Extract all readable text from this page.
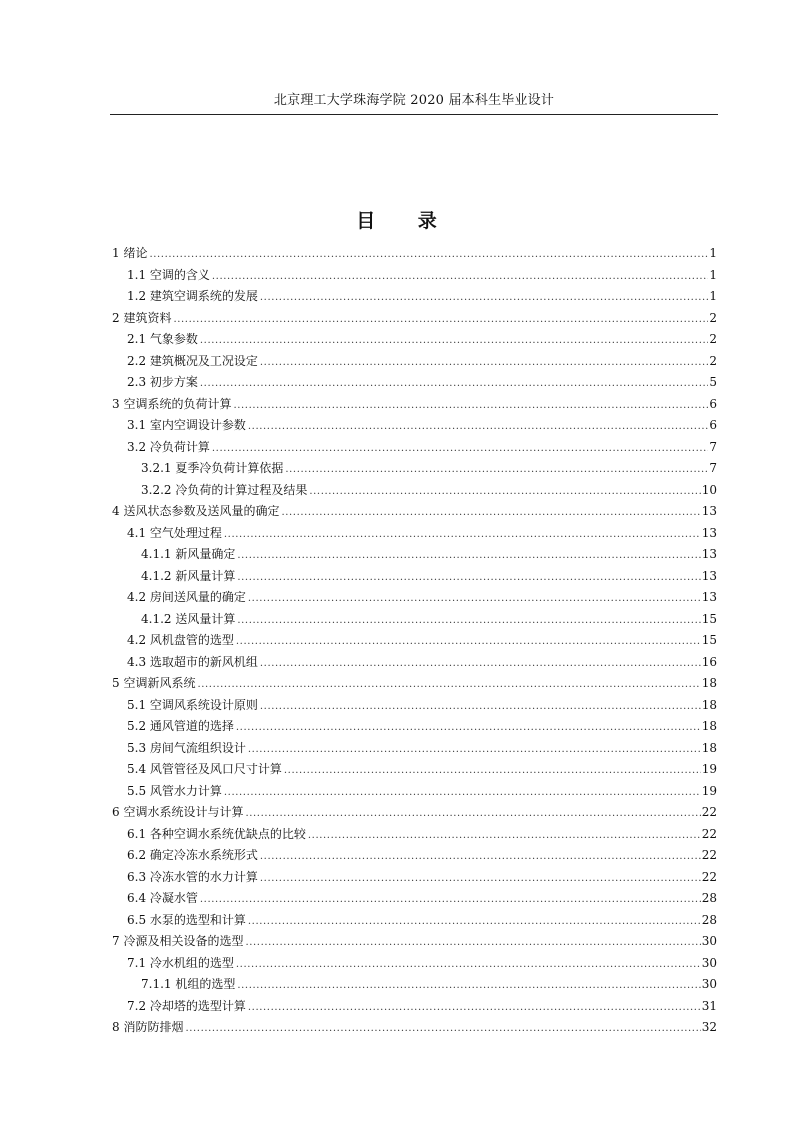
北京理工大学珠海学院 2020 届本科生毕业设计
目 录
1 绪论 .....	1
1.1 空调的含义 .....	1
1.2 建筑空调系统的发展 .....	1
2 建筑资料 .....	2
2.1 气象参数 .....	2
2.2 建筑概况及工况设定 .....	2
2.3 初步方案 .....	5
3 空调系统的负荷计算 .....	6
3.1 室内空调设计参数 .....	6
3.2 冷负荷计算 .....	7
3.2.1 夏季冷负荷计算依据 .....	7
3.2.2 冷负荷的计算过程及结果 .....	10
4 送风状态参数及送风量的确定 .....	13
4.1 空气处理过程 .....	13
4.1.1 新风量确定 .....	13
4.1.2 新风量计算 .....	13
4.2 房间送风量的确定 .....	13
4.1.2 送风量计算 .....	15
4.2 风机盘管的选型 .....	15
4.3 选取超市的新风机组 .....	16
5 空调新风系统 .....	18
5.1 空调风系统设计原则 .....	18
5.2 通风管道的选择 .....	18
5.3 房间气流组织设计 .....	18
5.4 风管管径及风口尺寸计算 .....	19
5.5 风管水力计算 .....	19
6 空调水系统设计与计算 .....	22
6.1 各种空调水系统优缺点的比较 .....	22
6.2 确定冷冻水系统形式 .....	22
6.3 冷冻水管的水力计算 .....	22
6.4 冷凝水管 .....	28
6.5 水泵的选型和计算 .....	28
7 冷源及相关设备的选型 .....	30
7.1 冷水机组的选型 .....	30
7.1.1 机组的选型 .....	30
7.2 冷却塔的选型计算 .....	31
8 消防防排烟 .....	32
